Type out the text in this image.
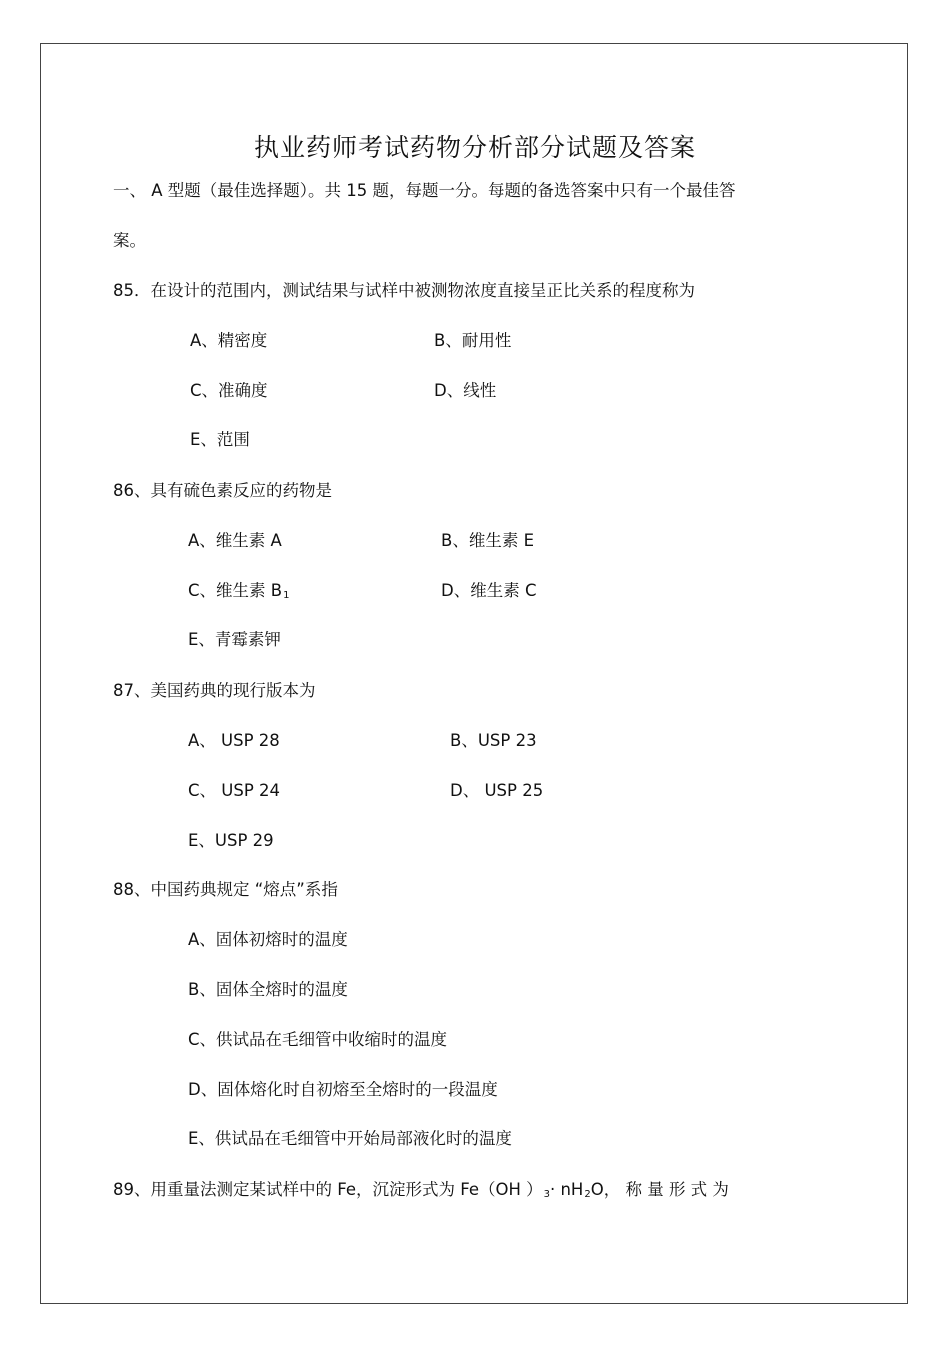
执业药师考试药物分析部分试题及答案
一、 A 型题（最佳选择题）。共 15 题，每题一分。每题的备选答案中只有一个最佳答
案。
85．在设计的范围内，测试结果与试样中被测物浓度直接呈正比关系的程度称为
A、精密度	B、耐用性
C、准确度	D、线性
E、范围
86、具有硫色素反应的药物是
A、维生素 A	B、维生素 E
C、维生素 $B_1$	D、维生素 C
E、青霉素钾
87、美国药典的现行版本为
A、 USP 28	B、USP 23
C、 USP 24	D、 USP 25
E、USP 29
88、中国药典规定 “熔点”系指
A、固体初熔时的温度
B、固体全熔时的温度
C、供试品在毛细管中收缩时的温度
D、固体熔化时自初熔至全熔时的一段温度
E、供试品在毛细管中开始局部液化时的温度
89、用重量法测定某试样中的 Fe，沉淀形式为 Fe（OH ）$_3\cdot nH_2O$， 称 量 形 式 为
